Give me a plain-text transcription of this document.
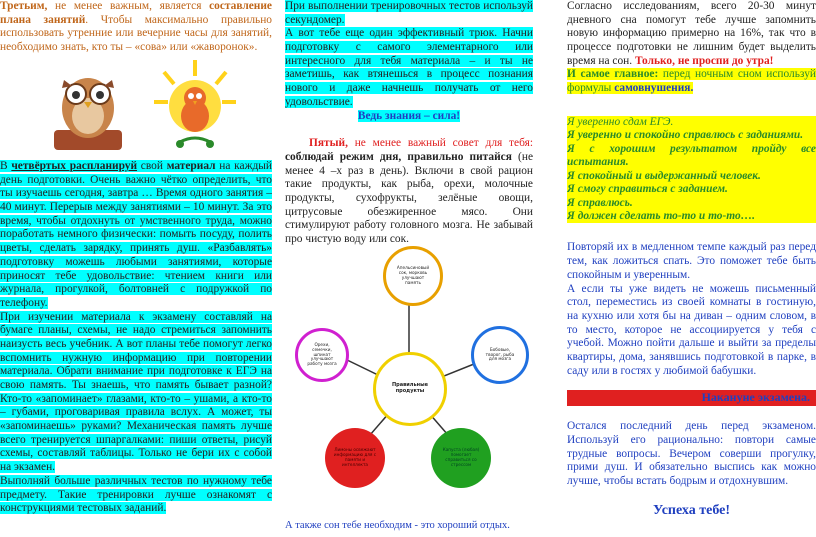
Третьим, не менее важным, является составление плана занятий. Чтобы максимально правильно использовать утренние или вечерние часы для занятий, необходимо знать, кто ты – «сова» или «жаворонок».

В четвёртых распланируй свой материал на каждый день подготовки. Очень важно чётко определить, что ты изучаешь сегодня, завтра … Время одного занятия – 40 минут. Перерыв между занятиями – 10 минут. За это время, чтобы отдохнуть от умственного труда, можно поработать немного физически: помыть посуду, полить цветы, сделать зарядку, принять душ. «Разбавлять» подготовку можешь любыми занятиями, которые приносят тебе удовольствие: чтением книги или журнала, прогулкой, болтовней с подружкой по телефону.

При изучении материала к экзамену составляй на бумаге планы, схемы, не надо стремиться запомнить наизусть весь учебник. А вот планы тебе помогут легко вспомнить нужную информацию при повторении материала. Обрати внимание при подготовке к ЕГЭ на свою память. Ты знаешь, что память бывает разной? Кто-то «запоминает» глазами, кто-то – ушами, а кто-то – губами, проговаривая правила вслух. А может, ты «запоминаешь» руками? Механическая память лучше всего тренируется шпаргалками: пиши ответы, рисуй схемы, составляй таблицы. Только не бери их с собой на экзамен.

Выполняй больше различных тестов по нужному тебе предмету. Такие тренировки лучше ознакомят с конструкциями тестовых заданий.

При выполнении тренировочных тестов используй секундомер.

А вот тебе еще один эффективный трюк. Начни подготовку с самого элементарного или интересного для тебя материала – и ты не заметишь, как втянешься в процесс познания нового и даже начнешь получать от него удовольствие.

Ведь знания – сила!

Пятый, не менее важный совет для тебя: соблюдай режим дня, правильно питайся (не менее 4 –х раз в день). Включи в свой рацион такие продукты, как рыба, орехи, молочные продукты, сухофрукты, зелёные овощи, цитрусовые обезжиренное мясо. Они стимулируют работу головного мозга. Не забывай про чистую воду или сок.

Апельсиновый сок, морковь улучшают память
Бобовые, творог, рыба для мозга
Орехи, семечки, шпинат улучшают работу мозга
Правильные продукты
Лимоны освежают информацию для с памяти и интеллекта
Капуста (любая) помогает справиться со стрессом

А также сон тебе необходим - это хороший отдых.

Согласно исследованиям, всего 20-30 минут дневного сна помогут тебе лучше запомнить новую информацию примерно на 16%, так что в процессе подготовки не лишним будет выделить время на сон. Только, не проспи до утра!

И самое главное: перед ночным сном используй формулы самовнушения.

Я уверенно сдам ЕГЭ.
Я уверенно и спокойно справлюсь с заданиями.
Я с хорошим результатом пройду все испытания.
Я спокойный и выдержанный человек.
Я смогу справиться с заданием.
Я справлюсь.
Я должен сделать то-то и то-то….

Повторяй их в медленном темпе каждый раз перед тем, как ложиться спать. Это поможет тебе быть спокойным и уверенным.

А если ты уже видеть не можешь письменный стол, переместись из своей комнаты в гостиную, на кухню или хотя бы на диван – одним словом, в то место, которое не ассоциируется у тебя с учебой. Можно пойти дальше и выйти за пределы квартиры, дома, занявшись подготовкой в парке, в саду или в гостях у любимой бабушки.

Накануне экзамена.

Остался последний день перед экзаменом. Используй его рационально: повтори самые трудные вопросы. Вечером соверши прогулку, прими душ. И обязательно выспись как можно лучше, чтобы встать бодрым и отдохнувшим.

Успеха тебе!
